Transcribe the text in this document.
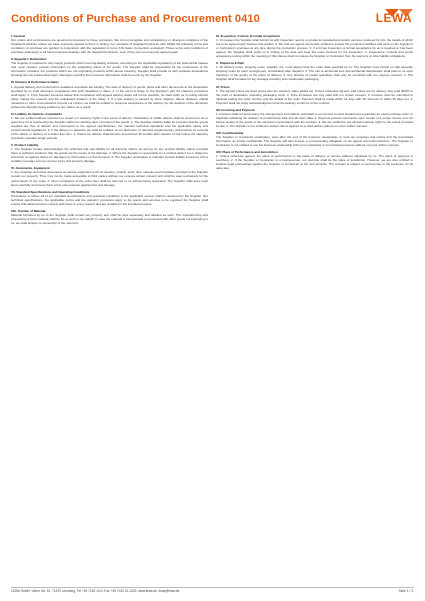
Conditions of Purchase and Procurement 0410	LEWA
I. General

Our orders and commissions are governed exclusively by these provisions. We do not recognise any contradictory or divergent conditions of the Supplier/Contractor unless we have expressly agreed to them in writing. For contracts of Supplier/Contractor with LEWA the following terms and conditions of purchase are applied in conjunction with the legislation in force (UN Sales Convention excluded). These terms and conditions of purchase shall apply to all future business dealings with the Supplier/Contractor, even if they are not expressly agreed again.

II. Supplier's Declaration

The Supplier is required to only supply products which are long-lasting products, according to the applicable regulations of the preferential treaties and, upon request, provide information on the originating status of the goods. The Supplier shall be responsible for the correctness of the information provided. For products which are not originating products within above meaning, Supplier shall provide us with separate declarations showing the non-preferential origin. Damages resulting from incorrect information shall be borne by the Supplier.

III. Delivery & Performance Dates

1. Agreed delivery and performance deadlines and dates are binding. The date of delivery of goods, plans and other documents at the destination specified by us shall determine compliance with such deadlines or dates. 2. In the event of delay on the Supplier's part the statutory provisions shall apply. 3. If the Supplier becomes aware that compliance with agreed delivery dates will not be possible, he shall notify us in writing without delay, stating the reasons and the anticipated duration of the delay. 4. If a late delivery is caused by force majeure, labour disputes, official measures or other circumstances beyond our control, we shall be entitled to postpone acceptance of the delivery for the duration of the disruption without the Supplier being entitled to any claims as a result.

IV. Liability for Defects; Complaints

1. We are entitled without restriction to assert our statutory rights in the event of defects. Notification of visible defects shall be deemed to be in good time if it is received by the Supplier within ten working days of receipt of the goods. 2. The Supplier shall be liable for ensuring that the goods supplied are free of defects and correspond to the agreed specifications, the relevant technical standards and the applicable safety and environmental regulations. 3. If the delivery is defective we shall be entitled, at our discretion, to demand supplementary performance by removal of the defect or delivery of a defect-free item. 4. Claims for defects shall become time-barred 36 months after transfer of risk unless the statutory provisions stipulate longer periods.

V. Product Liability

1. The Supplier hereby acknowledges the unlimited and sole liability for all warranty claims, as well as for any product liability claims provided there is sufficient evidence that the goods are the cause of the damage. 2. Where the Supplier is responsible for a product defect, he is obliged to indemnify us against claims for damages by third parties on first demand. 3. The Supplier undertakes to maintain product liability insurance with a suitable coverage sum per person injury and property damage.

VI. Documents, Equipment

1. Any drawings and other documents as well as equipment such as devices, models, tools, dies, samples and templates provided to the Supplier remain our property. They may not be made accessible to third parties without our express written consent and shall be used exclusively for the performance of our order. 2. Upon completion of the order they shall be returned to us without being requested. The Supplier shall store such items carefully and insure them at his own expense against loss and damage.

VII. Standard Specifications and Operating Conditions

Procedures to follow: All of our standard specifications and operating conditions in the applicable version shall be observed by the Supplier. Our technical specifications, the applicable norms and the statutory provisions apply to the goods and services to be supplied; the Supplier shall ensure that delivered items comply with these in every respect and are suitable for the intended purpose.

VIII. Transfer of Material

Material furnished by us to the Supplier shall remain our property and shall be kept separately and labelled as such. The manufacturing and processing of such material shall be for us and on our behalf. In case the material is incorporated or processed with other goods not belonging to us, we shall acquire co-ownership of the new item.

IX. Inspection, Control, (Formal) Acceptance

1. On request the Supplier shall furnish us with inspection reports on products manufactured and/or services rendered by him, the details of which are to be agreed upon between the parties. 2. We and our agents are hereby entitled to inspect the production facilities and work on the Supplier's or Contractor's premises at any time during the production process. 3. If a formal inspection or formal acceptance by us is required or has been agreed, the Supplier shall notify us in writing of the date and bear the costs incurred for the inspection. 4. Inspections, controls and works acceptance testing within the meaning of this clause shall not relieve the Supplier or Contractor from his warranty or other liability obligations.

X. Shipment & Risk

1. All delivery notes, shipping notes, waybills, etc. must always bear the order data specified by us. The Supplier must furnish us with separate shipping notes for each consignment, immediately after dispatch. 2. The risk of accidental loss and accidental deterioration shall pass to us upon handover of the goods at the place of delivery. 3. Any delivery of partial quantities shall only be permitted with our express consent. 4. The Supplier shall be liable for any damage resulting from inadequate packaging.

XI. Prices

1. The agreed prices are fixed prices plus the statutory value added tax. Unless otherwise agreed, said prices are for delivery duty paid (DDP) to the point of destination, including packaging costs. 2. Price increases are only valid with our written consent. 3. Invoices must be submitted in triplicate stating the order number and the details of the order. Payment shall be made within 14 days with 3% discount or within 30 days net. 4. Payment shall not imply acknowledgement that the delivery conforms to the contract.

XII. Invoicing and Payment

1. Invoices shall not accompany the consignment, but shall be submitted to our Invoice Control Department separately for each purchase order, in duplicate indicating the delivery or performance date and all order data. 2. Payment periods commence upon receipt of a proper invoice, but not before receipt of the goods or the services in accordance with the contract. 3. We are entitled to set-off and retention rights to the extent provided by law. 4. The Supplier is not entitled to assign claims against us to third parties without our prior written consent.

XIII. Confidentiality

The Supplier or Contractor undertakes, even after the end of the business relationship, to treat our enquiries and orders and the associated information as strictly confidential. The Supplier will also impose a corresponding obligation on his agents and subcontractors. The Supplier or Contractor is not entitled to use his business relationship with us for marketing or promotional purposes without our prior written consent.

XIV. Place of Performance and Jurisdiction

1. Unless otherwise agreed, the place of performance is the place of delivery or service address stipulated by us. The place of payment is Leonberg. 2. If the Supplier or Contractor is a businessman, our domicile shall be the place of jurisdiction. However, we are also entitled to institute legal proceedings against the Supplier or Contractor at his own domicile. The contract is subject to German law to the exclusion of UN sales law.

LEWA GmbH, Ulmer Str. 10, 71229 Leonberg, Tel +49 7152 14-0, Fax +49 7152 14-1303, www.lewa.de, lewa@lewa.de	Seite 1 / 1
